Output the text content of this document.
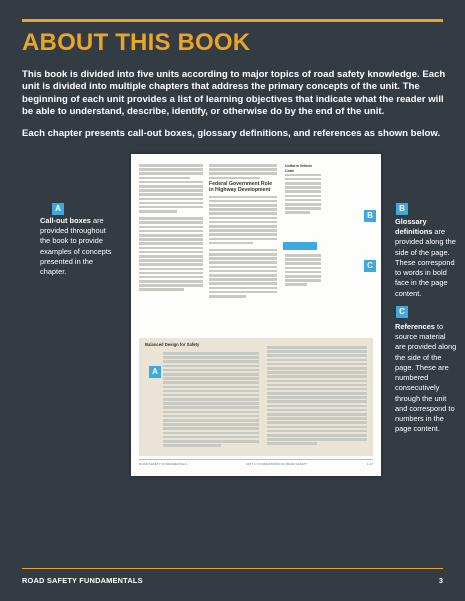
ABOUT THIS BOOK

This book is divided into five units according to major topics of road safety knowledge. Each unit is divided into multiple chapters that address the primary concepts of the unit. The beginning of each unit provides a list of learning objectives that indicate what the reader will be able to understand, describe, identify, or otherwise do by the end of the unit.

Each chapter presents call-out boxes, glossary definitions, and references as shown below.

A
Call-out boxes are provided throughout the book to provide examples of concepts presented in the chapter.
B
Glossary definitions are provided along the side of the page. These correspond to words in bold face in the page content.
C
References to source material are provided along the side of the page. These are numbered consecutively through the unit and correspond to numbers in the page content.
Federal Government Role in Highway Development
Uniform Vehicle Code
Balanced Design for Safety
ROAD SAFETY FUNDAMENTALS	UNIT 1: FOUNDATIONS OF ROAD SAFETY	1-17
A
B
C
ROAD SAFETY FUNDAMENTALS	3
